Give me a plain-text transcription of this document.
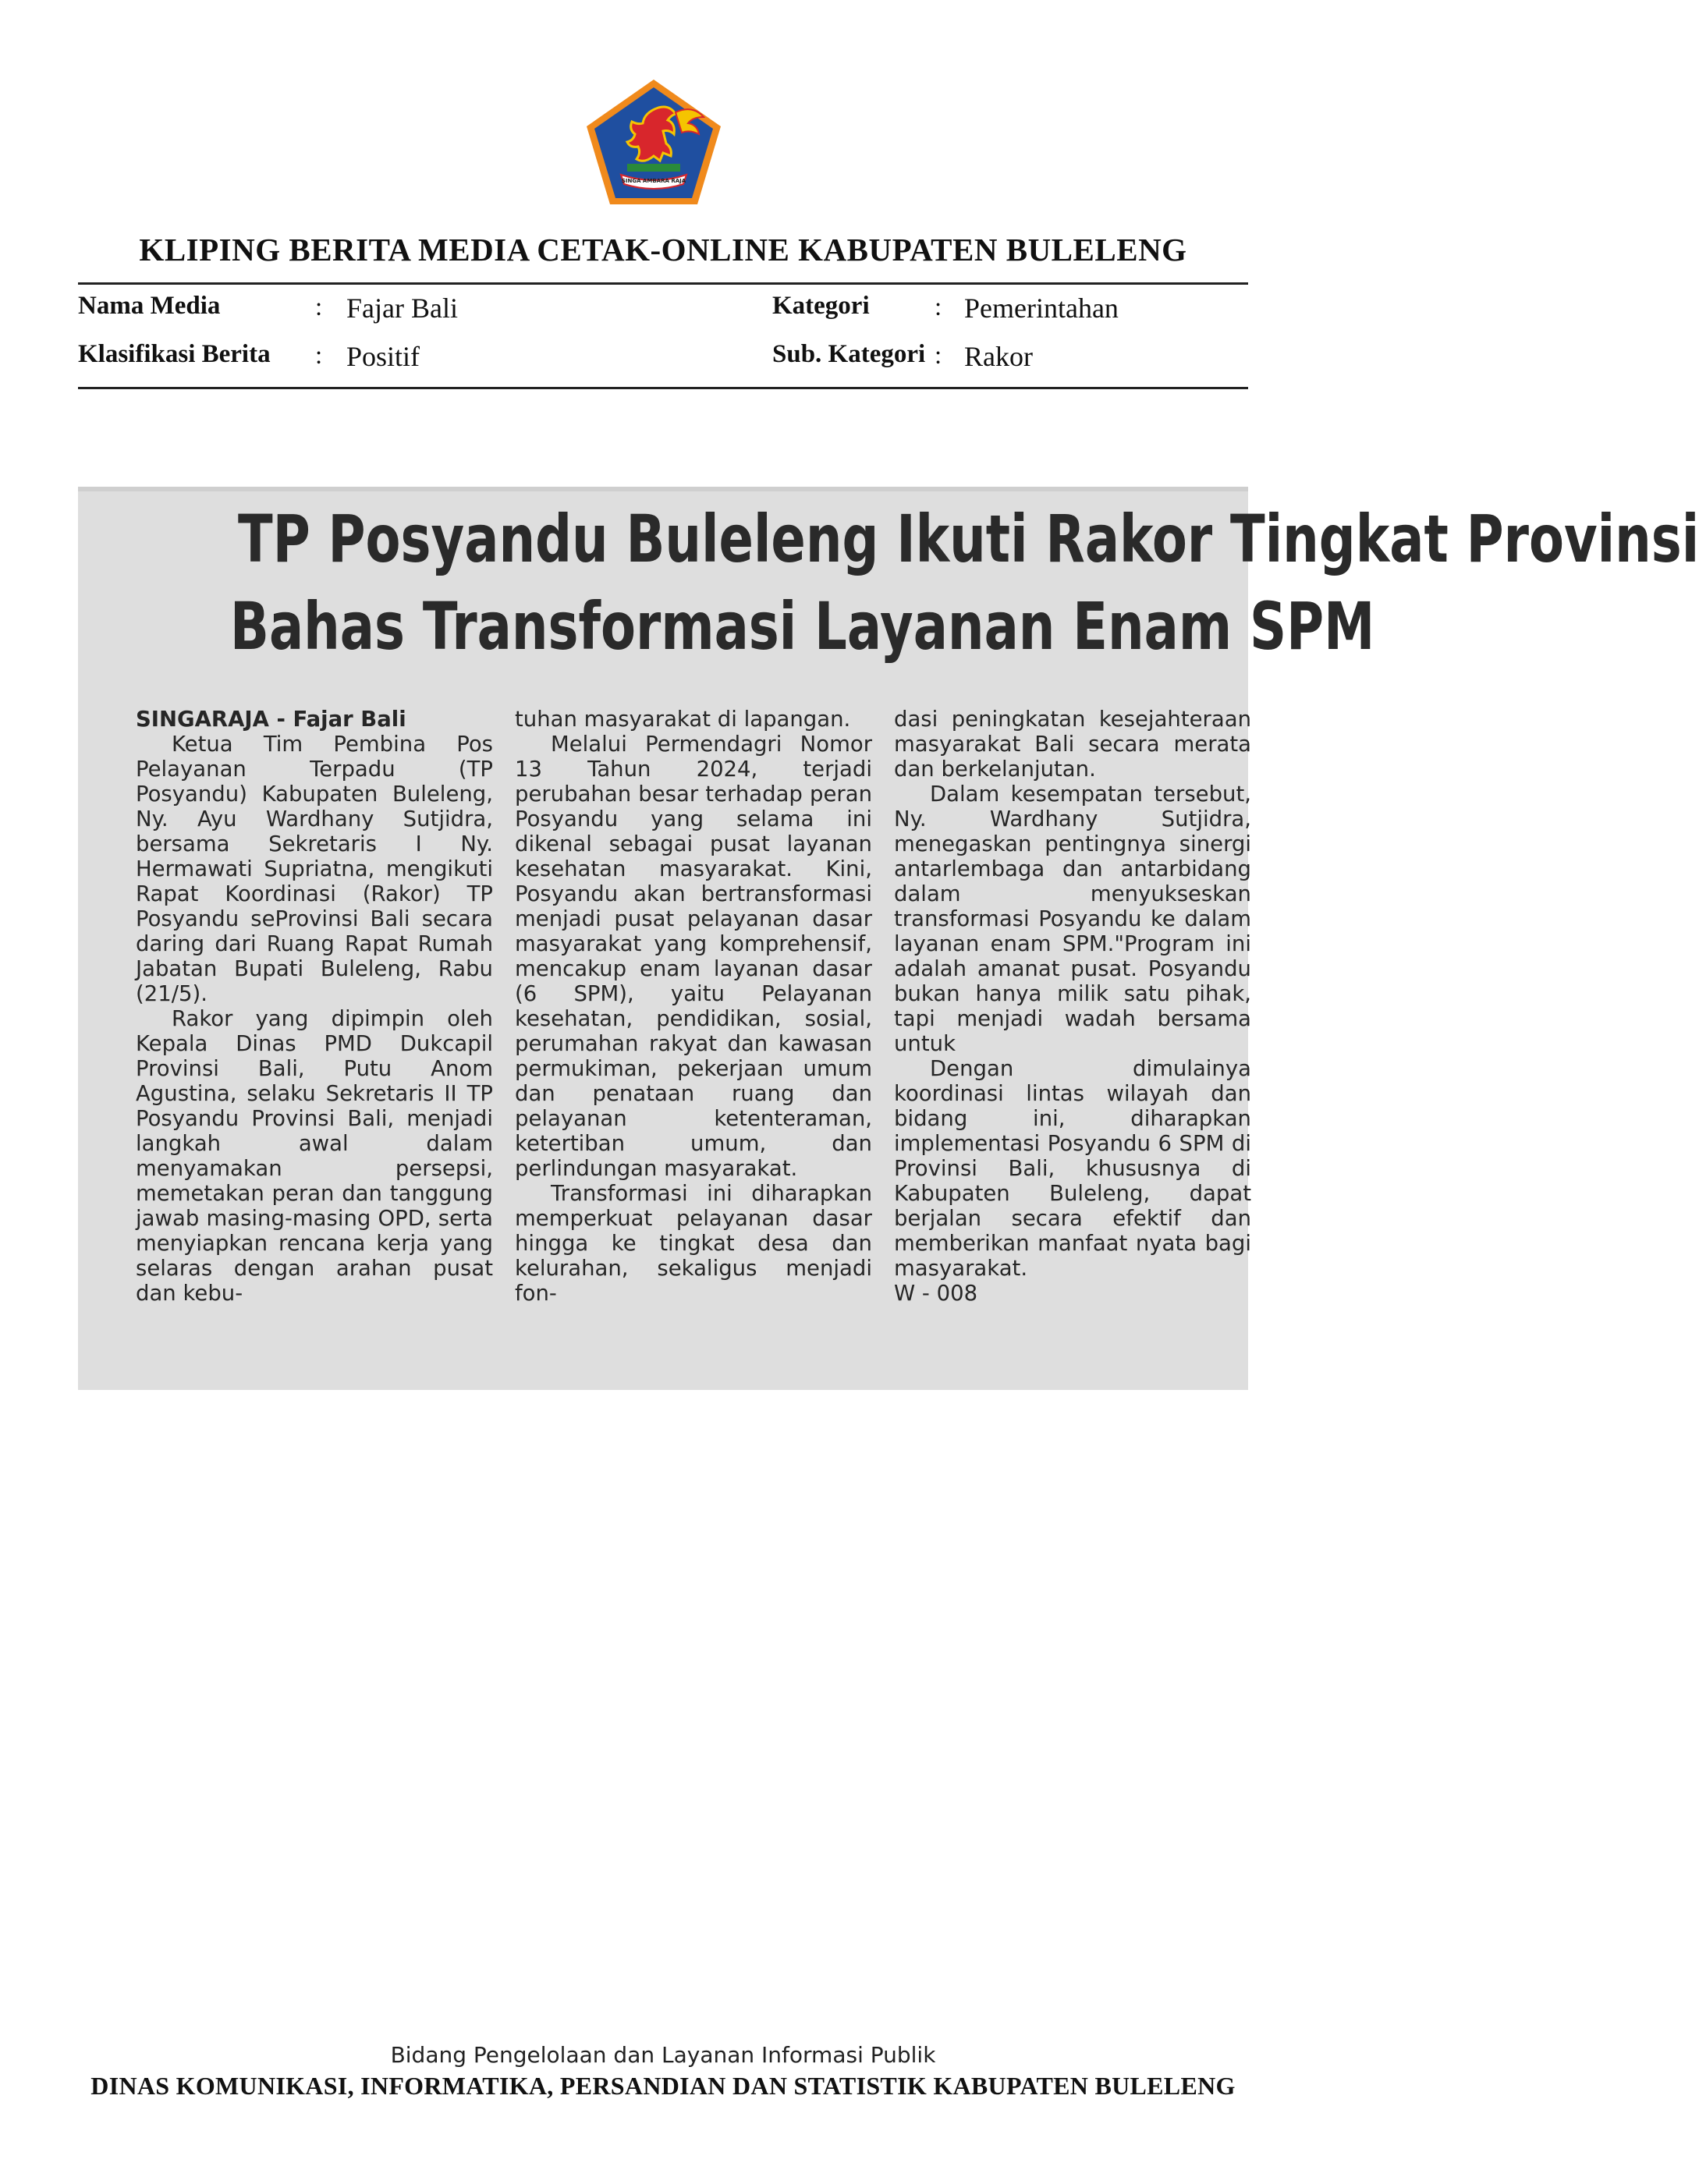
SINGA AMBARA RAJA
KLIPING BERITA MEDIA CETAK-ONLINE KABUPATEN BULELENG
Nama Media	: Fajar Bali
Klasifikasi Berita : Positif
Kategori	: Pemerintahan
Sub. Kategori : Rakor
TP Posyandu Buleleng Ikuti Rakor Tingkat Provinsi
Bahas Transformasi Layanan Enam SPM
SINGARAJA - Fajar Bali

Ketua Tim Pembina Pos Pelayanan Terpadu (TP Posyandu) Kabupaten Buleleng, Ny. Ayu Wardhany Sutjidra, bersama Sekretaris I Ny. Hermawati Supriatna, mengikuti Rapat Koordinasi (Rakor) TP Posyandu seProvinsi Bali secara daring dari Ruang Rapat Rumah Jabatan Bupati Buleleng, Rabu (21/5).

Rakor yang dipimpin oleh Kepala Dinas PMD Dukcapil Provinsi Bali, Putu Anom Agustina, selaku Sekretaris II TP Posyandu Provinsi Bali, menjadi langkah awal dalam menyamakan persepsi, memetakan peran dan tanggung jawab masing-masing OPD, serta menyiapkan rencana kerja yang selaras dengan arahan pusat dan kebu-

tuhan masyarakat di lapangan.

Melalui Permendagri Nomor 13 Tahun 2024, terjadi perubahan besar terhadap peran Posyandu yang selama ini dikenal sebagai pusat layanan kesehatan masyarakat. Kini, Posyandu akan bertransformasi menjadi pusat pelayanan dasar masyarakat yang komprehensif, mencakup enam layanan dasar (6 SPM), yaitu Pelayanan kesehatan, pendidikan, sosial, perumahan rakyat dan kawasan permukiman, pekerjaan umum dan penataan ruang dan pelayanan ketenteraman, ketertiban umum, dan perlindungan masyarakat.

Transformasi ini diharapkan memperkuat pelayanan dasar hingga ke tingkat desa dan kelurahan, sekaligus menjadi fon-

dasi peningkatan kesejahteraan masyarakat Bali secara merata dan berkelanjutan.

Dalam kesempatan tersebut, Ny. Wardhany Sutjidra, menegaskan pentingnya sinergi antarlembaga dan antarbidang dalam menyukseskan transformasi Posyandu ke dalam layanan enam SPM."Program ini adalah amanat pusat. Posyandu bukan hanya milik satu pihak, tapi menjadi wadah bersama untuk

Dengan dimulainya koordinasi lintas wilayah dan bidang ini, diharapkan implementasi Posyandu 6 SPM di Provinsi Bali, khususnya di Kabupaten Buleleng, dapat berjalan secara efektif dan memberikan manfaat nyata bagi masyarakat.

W - 008

Bidang Pengelolaan dan Layanan Informasi Publik
DINAS KOMUNIKASI, INFORMATIKA, PERSANDIAN DAN STATISTIK KABUPATEN BULELENG
